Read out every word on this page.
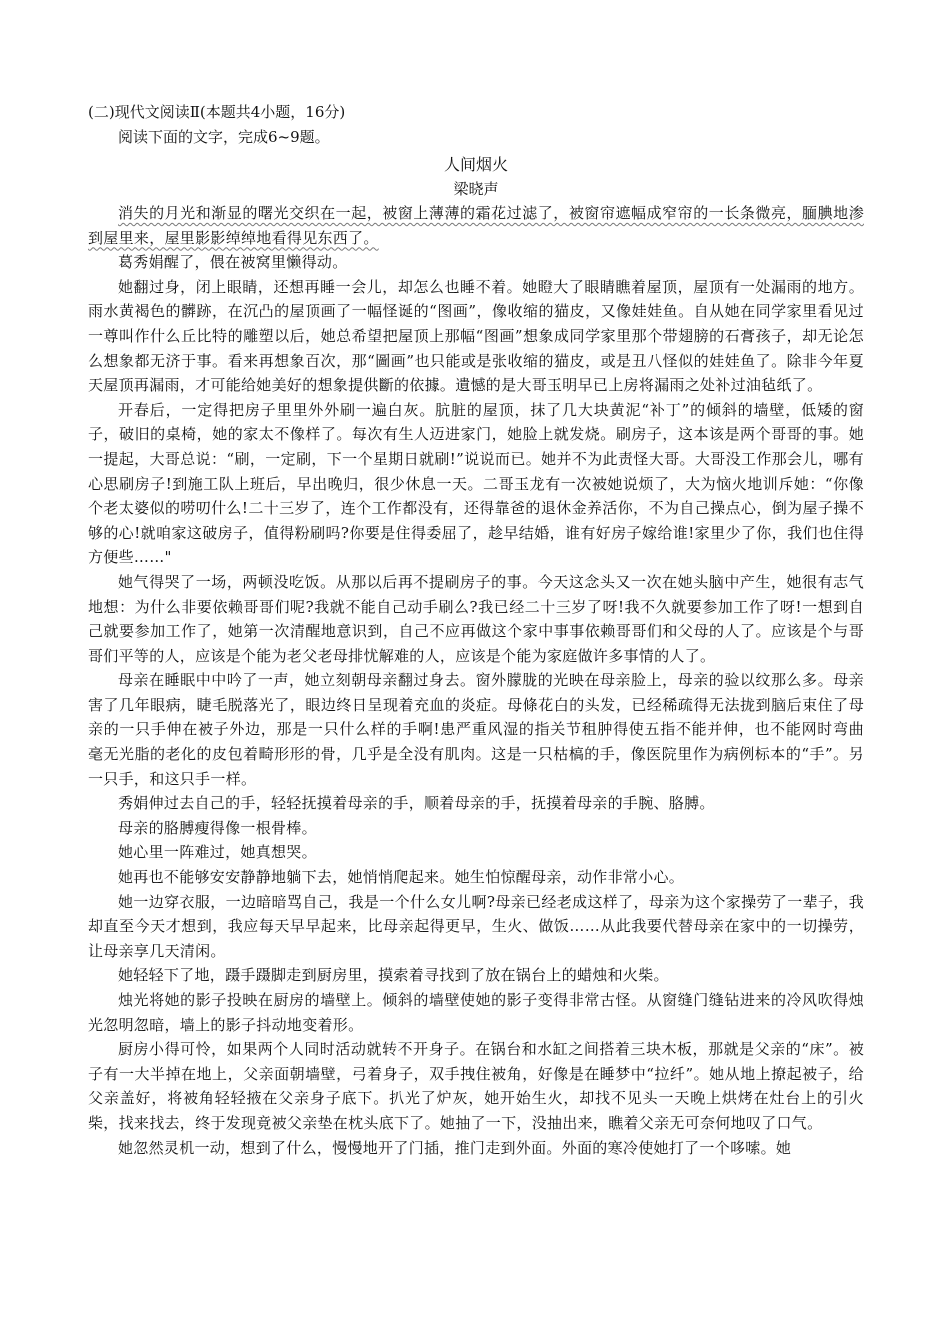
(二)现代文阅读Ⅱ(本题共4小题，16分)

阅读下面的文字，完成6~9题。

人间烟火

梁晓声

消失的月光和渐显的曙光交织在一起，被窗上薄薄的霜花过滤了，被窗帘遮幅成窄帘的一长条微亮，腼腆地渗到屋里来，屋里影影绰绰地看得见东西了。

葛秀娟醒了，偎在被窝里懒得动。

她翻过身，闭上眼睛，还想再睡一会儿，却怎么也睡不着。她瞪大了眼睛瞧着屋顶，屋顶有一处漏雨的地方。雨水黄褐色的髒跡，在沉凸的屋顶画了一幅怪诞的“图画”，像收缩的猫皮，又像娃娃鱼。自从她在同学家里看见过一尊叫作什么丘比特的雕塑以后，她总希望把屋顶上那幅“图画”想象成同学家里那个带翅膀的石膏孩子，却无论怎么想象都无济于事。看来再想象百次，那“圖画”也只能或是张收缩的猫皮，或是丑八怪似的娃娃鱼了。除非今年夏天屋顶再漏雨，才可能给她美好的想象提供斷的依據。遺憾的是大哥玉明早已上房将漏雨之处补过油毡纸了。

开春后，一定得把房子里里外外刷一遍白灰。肮脏的屋顶，抹了几大块黄泥“补丁”的倾斜的墙壁，低矮的窗子，破旧的桌椅，她的家太不像样了。每次有生人迈进家门，她脸上就发烧。刷房子，这本该是两个哥哥的事。她一提起，大哥总说：“刷，一定刷，下一个星期日就刷!”说说而已。她并不为此责怪大哥。大哥没工作那会儿，哪有心思刷房子!到施工队上班后，早出晚归，很少休息一天。二哥玉龙有一次被她说烦了，大为恼火地训斥她：“你像个老太婆似的唠叨什么!二十三岁了，连个工作都没有，还得靠爸的退休金养活你，不为自己操点心，倒为屋子操不够的心!就咱家这破房子，值得粉刷吗?你要是住得委屈了，趁早结婚，谁有好房子嫁给谁!家里少了你，我们也住得方便些……"

她气得哭了一场，两顿没吃饭。从那以后再不提刷房子的事。今天这念头又一次在她头脑中产生，她很有志气地想：为什么非要依赖哥哥们呢?我就不能自己动手刷么?我已经二十三岁了呀!我不久就要参加工作了呀!一想到自己就要参加工作了，她第一次清醒地意识到，自己不应再做这个家中事事依赖哥哥们和父母的人了。应该是个与哥哥们平等的人，应该是个能为老父老母排忧解难的人，应该是个能为家庭做许多事情的人了。

母亲在睡眠中中吟了一声，她立刻朝母亲翻过身去。窗外朦胧的光映在母亲脸上，母亲的验以纹那么多。母亲害了几年眼病，睫毛脱落光了，眼边终日呈现着充血的炎症。母條花白的头发，已经稀疏得无法拢到脑后束住了母亲的一只手伸在被子外边，那是一只什么样的手啊!患严重风湿的指关节租肿得使五指不能并伸，也不能网时弯曲 毫无光脂的老化的皮包着畸形形的骨，几乎是全没有肌肉。这是一只枯槁的手，像医院里作为病例标本的“手”。另一只手，和这只手一样。

秀娟伸过去自己的手，轻轻抚摸着母亲的手，顺着母亲的手，抚摸着母亲的手腕、胳膊。

母亲的胳膊瘦得像一根骨棒。

她心里一阵难过，她真想哭。

她再也不能够安安静静地躺下去，她悄悄爬起来。她生怕惊醒母亲，动作非常小心。

她一边穿衣服，一边暗暗骂自己，我是一个什么女儿啊?母亲已经老成这样了，母亲为这个家操劳了一辈子，我却直至今天才想到，我应每天早早起来，比母亲起得更早，生火、做饭……从此我要代替母亲在家中的一切操劳，让母亲享几天清闲。

她轻轻下了地，蹑手蹑脚走到厨房里，摸索着寻找到了放在锅台上的蜡烛和火柴。

烛光将她的影子投映在厨房的墙壁上。倾斜的墙壁使她的影子变得非常古怪。从窗缝门缝钻进来的冷风吹得烛光忽明忽暗，墙上的影子抖动地变着形。

厨房小得可怜，如果两个人同时活动就转不开身子。在锅台和水缸之间搭着三块木板，那就是父亲的“床”。被子有一大半掉在地上，父亲面朝墙壁，弓着身子，双手拽住被角，好像是在睡梦中“拉纤”。她从地上撩起被子，给父亲盖好，将被角轻轻掖在父亲身子底下。扒光了炉灰，她开始生火，却找不见头一天晚上烘烤在灶台上的引火柴，找来找去，终于发现竟被父亲垫在枕头底下了。她抽了一下，没抽出来，瞧着父亲无可奈何地叹了口气。

她忽然灵机一动，想到了什么，慢慢地开了门插，推门走到外面。外面的寒冷使她打了一个哆嗦。她
